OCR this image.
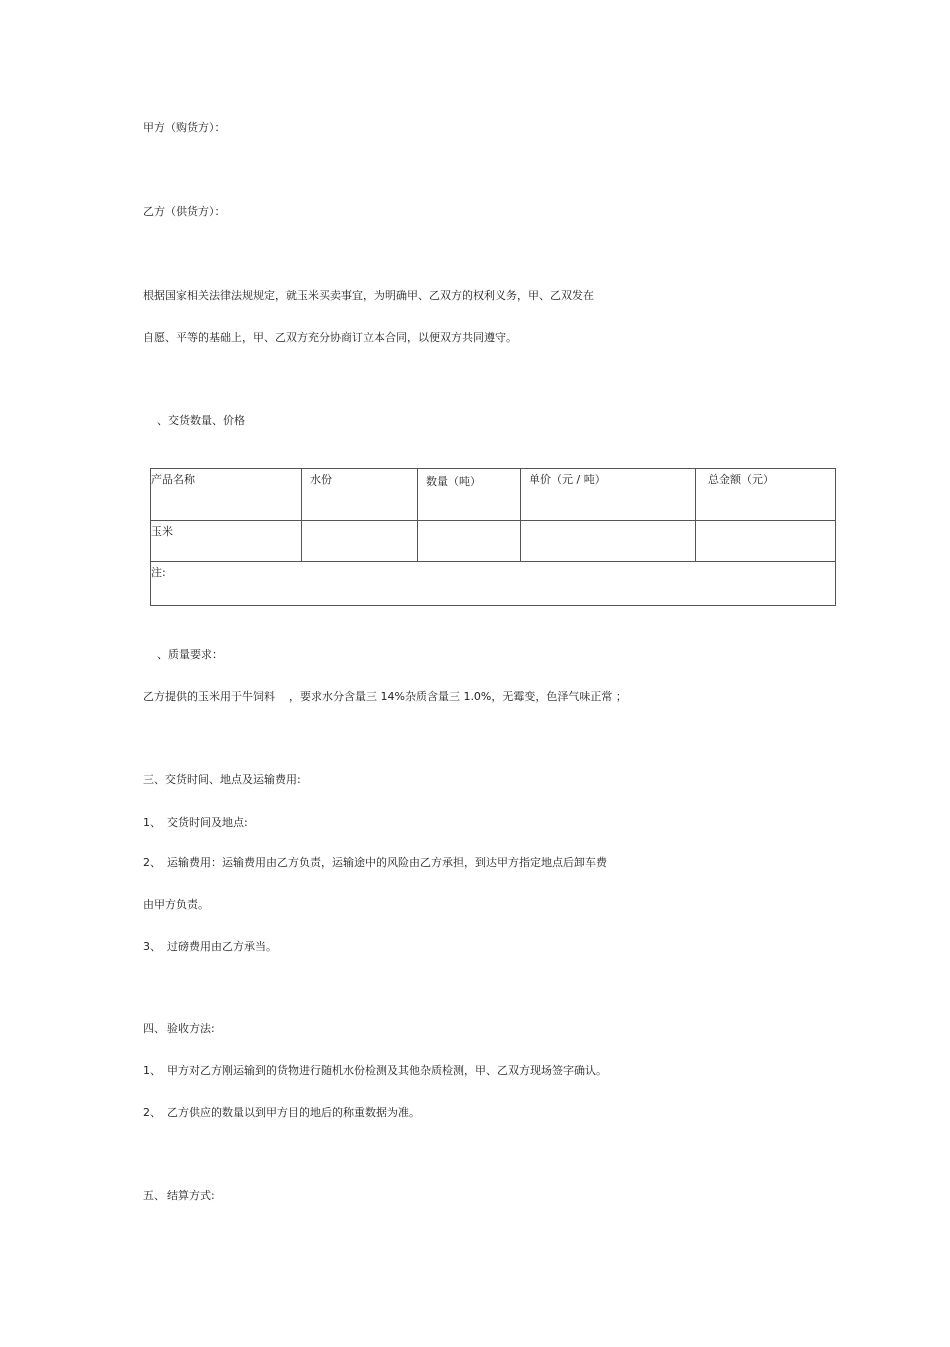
甲方（购货方）：
乙方（供货方）：
根据国家相关法律法规规定，就玉米买卖事宜，为明确甲、乙双方的权利义务，甲、乙双发在
自愿、平等的基础上，甲、乙双方充分协商订立本合同，以便双方共同遵守。
、交货数量、价格
产品名称	水份	数量（吨）	单价（元 / 吨）	总金额（元）
玉米				
注:				
、质量要求：
乙方提供的玉米用于牛饲料 ，要求水分含量三 14%杂质含量三 1.0%，无霉变，色泽气味正常 ；
三、交货时间、地点及运输费用:
1、 交货时间及地点:
2、 运输费用：运输费用由乙方负责，运输途中的风险由乙方承担，到达甲方指定地点后卸车费
由甲方负责。
3、 过磅费用由乙方承当。
四、 验收方法:
1、 甲方对乙方刚运输到的货物进行随机水份检测及其他杂质检测，甲、乙双方现场签字确认。
2、 乙方供应的数量以到甲方目的地后的称重数据为准。
五、 结算方式:
